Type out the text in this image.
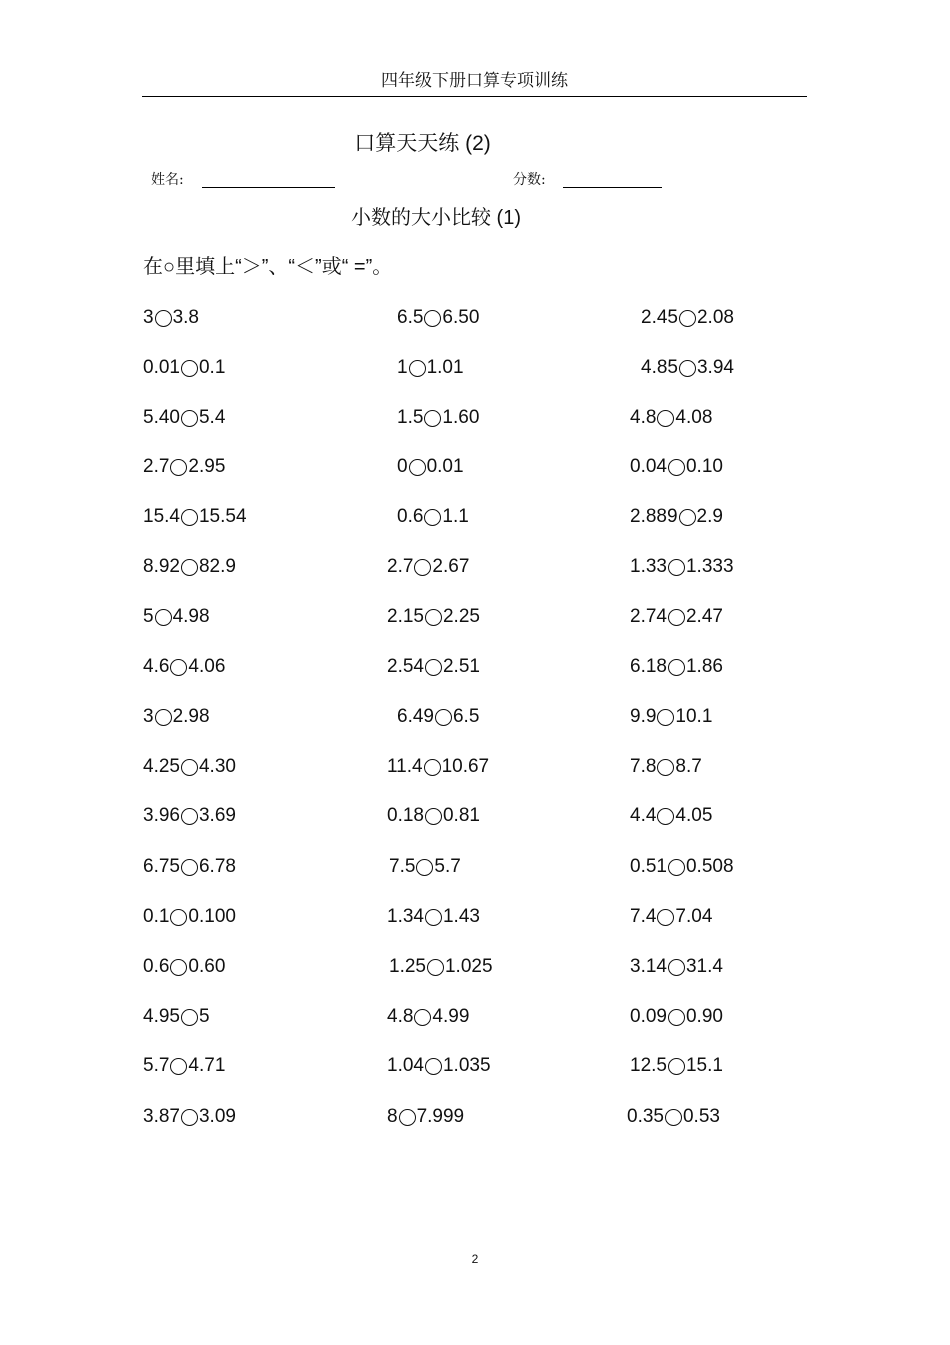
四年级下册口算专项训练
口算天天练 (2)
姓名:	分数:
小数的大小比较 (1)
在○里填上“＞”、“＜”或“ =”。
3 3.8	6.5 6.50	2.45 2.08
0.01 0.1	1 1.01	4.85 3.94
5.40 5.4	1.5 1.60	4.8 4.08
2.7 2.95	0 0.01	0.04 0.10
15.4 15.54	0.6 1.1	2.889 2.9
8.92 82.9	2.7 2.67	1.33 1.333
5 4.98	2.15 2.25	2.74 2.47
4.6 4.06	2.54 2.51	6.18 1.86
3 2.98	6.49 6.5	9.9 10.1
4.25 4.30	11.4 10.67	7.8 8.7
3.96 3.69	0.18 0.81	4.4 4.05
6.75 6.78	7.5 5.7	0.51 0.508
0.1 0.100	1.34 1.43	7.4 7.04
0.6 0.60	1.25 1.025	3.14 31.4
4.95 5	4.8 4.99	0.09 0.90
5.7 4.71	1.04 1.035	12.5 15.1
3.87 3.09	8 7.999	0.35 0.53
2
